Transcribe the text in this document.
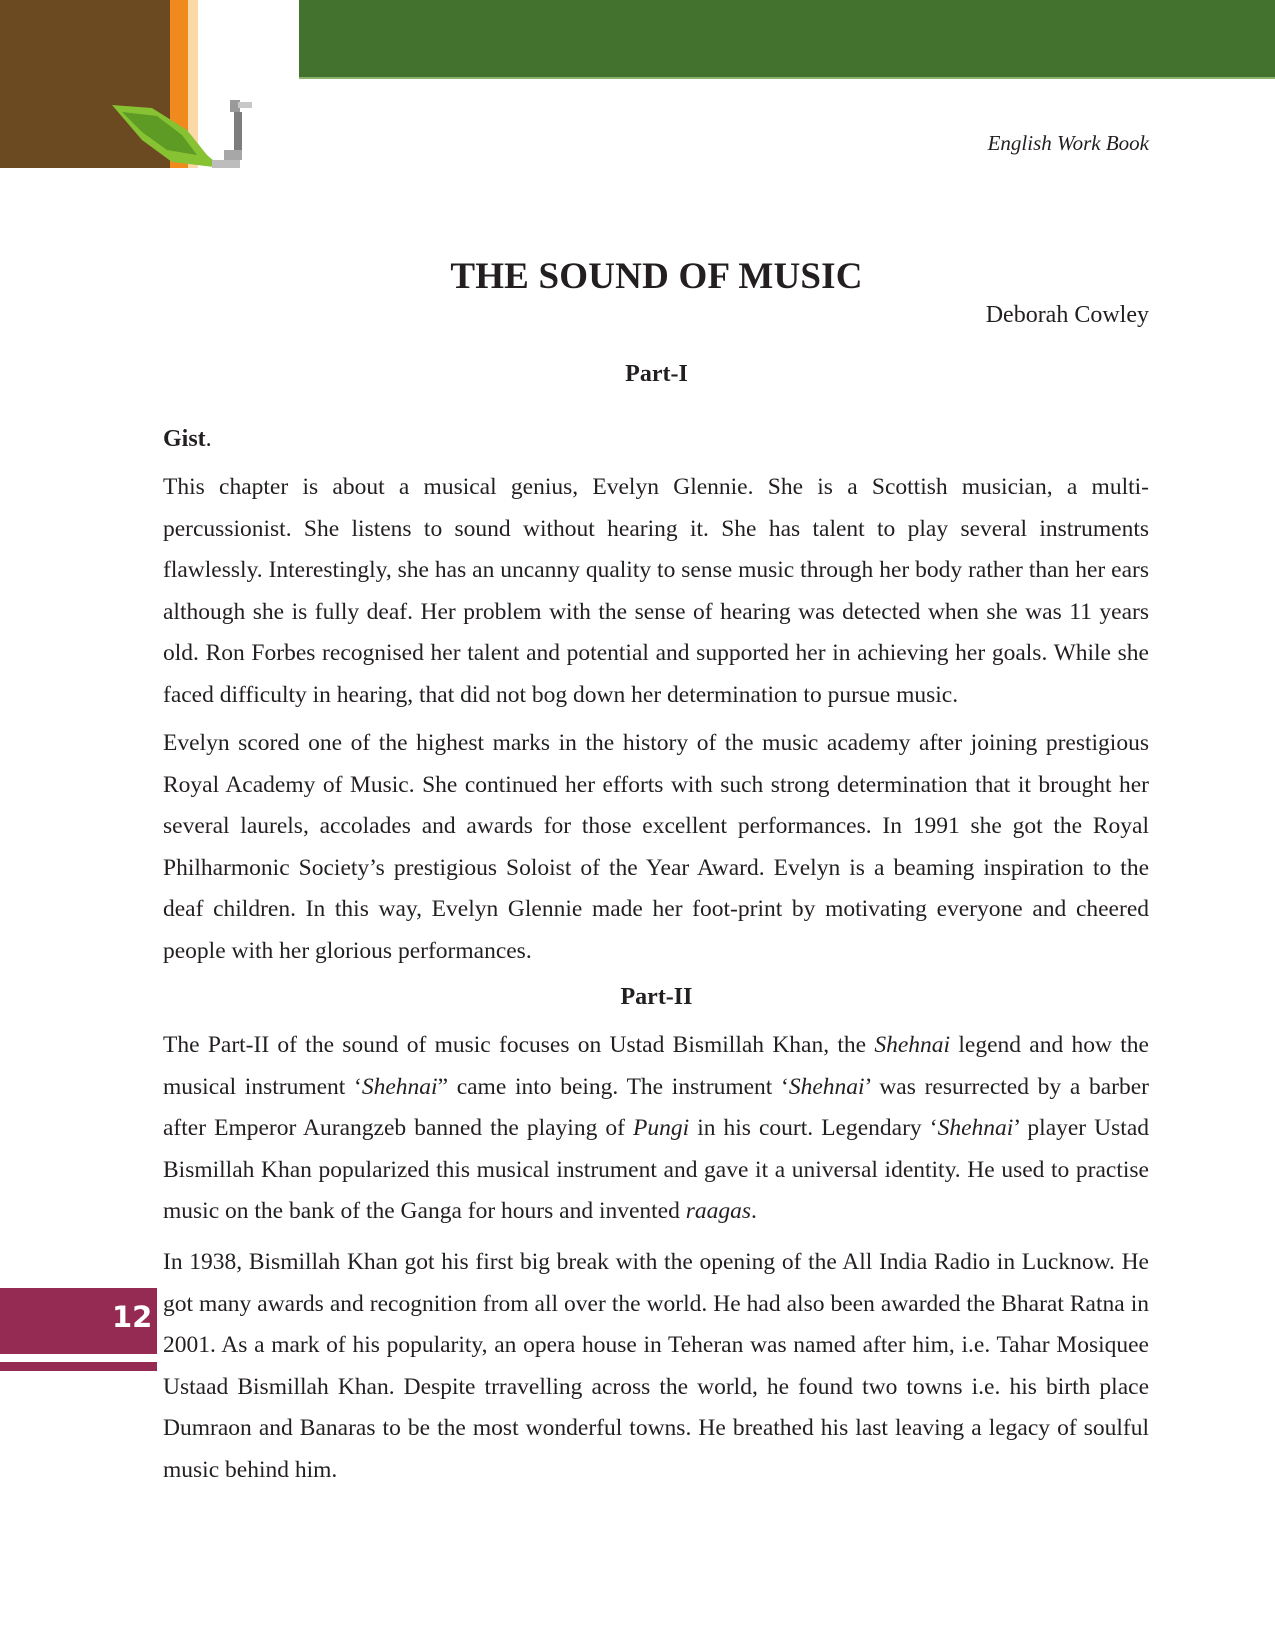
English Work Book
THE SOUND OF MUSIC
Deborah Cowley
Part-I
Gist.

This chapter is about a musical genius, Evelyn Glennie. She is a Scottish musician, a multi-percussionist. She listens to sound without hearing it. She has talent to play several instruments flawlessly. Interestingly, she has an uncanny quality to sense music through her body rather than her ears although she is fully deaf. Her problem with the sense of hearing was detected when she was 11 years old. Ron Forbes recognised her talent and potential and supported her in achieving her goals. While she faced difficulty in hearing, that did not bog down her determination to pursue music.

Evelyn scored one of the highest marks in the history of the music academy after joining prestigious Royal Academy of Music. She continued her efforts with such strong determination that it brought her several laurels, accolades and awards for those excellent performances. In 1991 she got the Royal Philharmonic Society’s prestigious Soloist of the Year Award. Evelyn is a beaming inspiration to the deaf children. In this way, Evelyn Glennie made her foot-print by motivating everyone and cheered people with her glorious performances.

Part-II

The Part-II of the sound of music focuses on Ustad Bismillah Khan, the Shehnai legend and how the musical instrument ‘Shehnai” came into being. The instrument ‘Shehnai’ was resurrected by a barber after Emperor Aurangzeb banned the playing of Pungi in his court. Legendary ‘Shehnai’ player Ustad Bismillah Khan popularized this musical instrument and gave it a universal identity. He used to practise music on the bank of the Ganga for hours and invented raagas.

In 1938, Bismillah Khan got his first big break with the opening of the All India Radio in Lucknow. He got many awards and recognition from all over the world. He had also been awarded the Bharat Ratna in 2001. As a mark of his popularity, an opera house in Teheran was named after him, i.e. Tahar Mosiquee Ustaad Bismillah Khan. Despite trravelling across the world, he found two towns i.e. his birth place Dumraon and Banaras to be the most wonderful towns. He breathed his last leaving a legacy of soulful music behind him.

12
